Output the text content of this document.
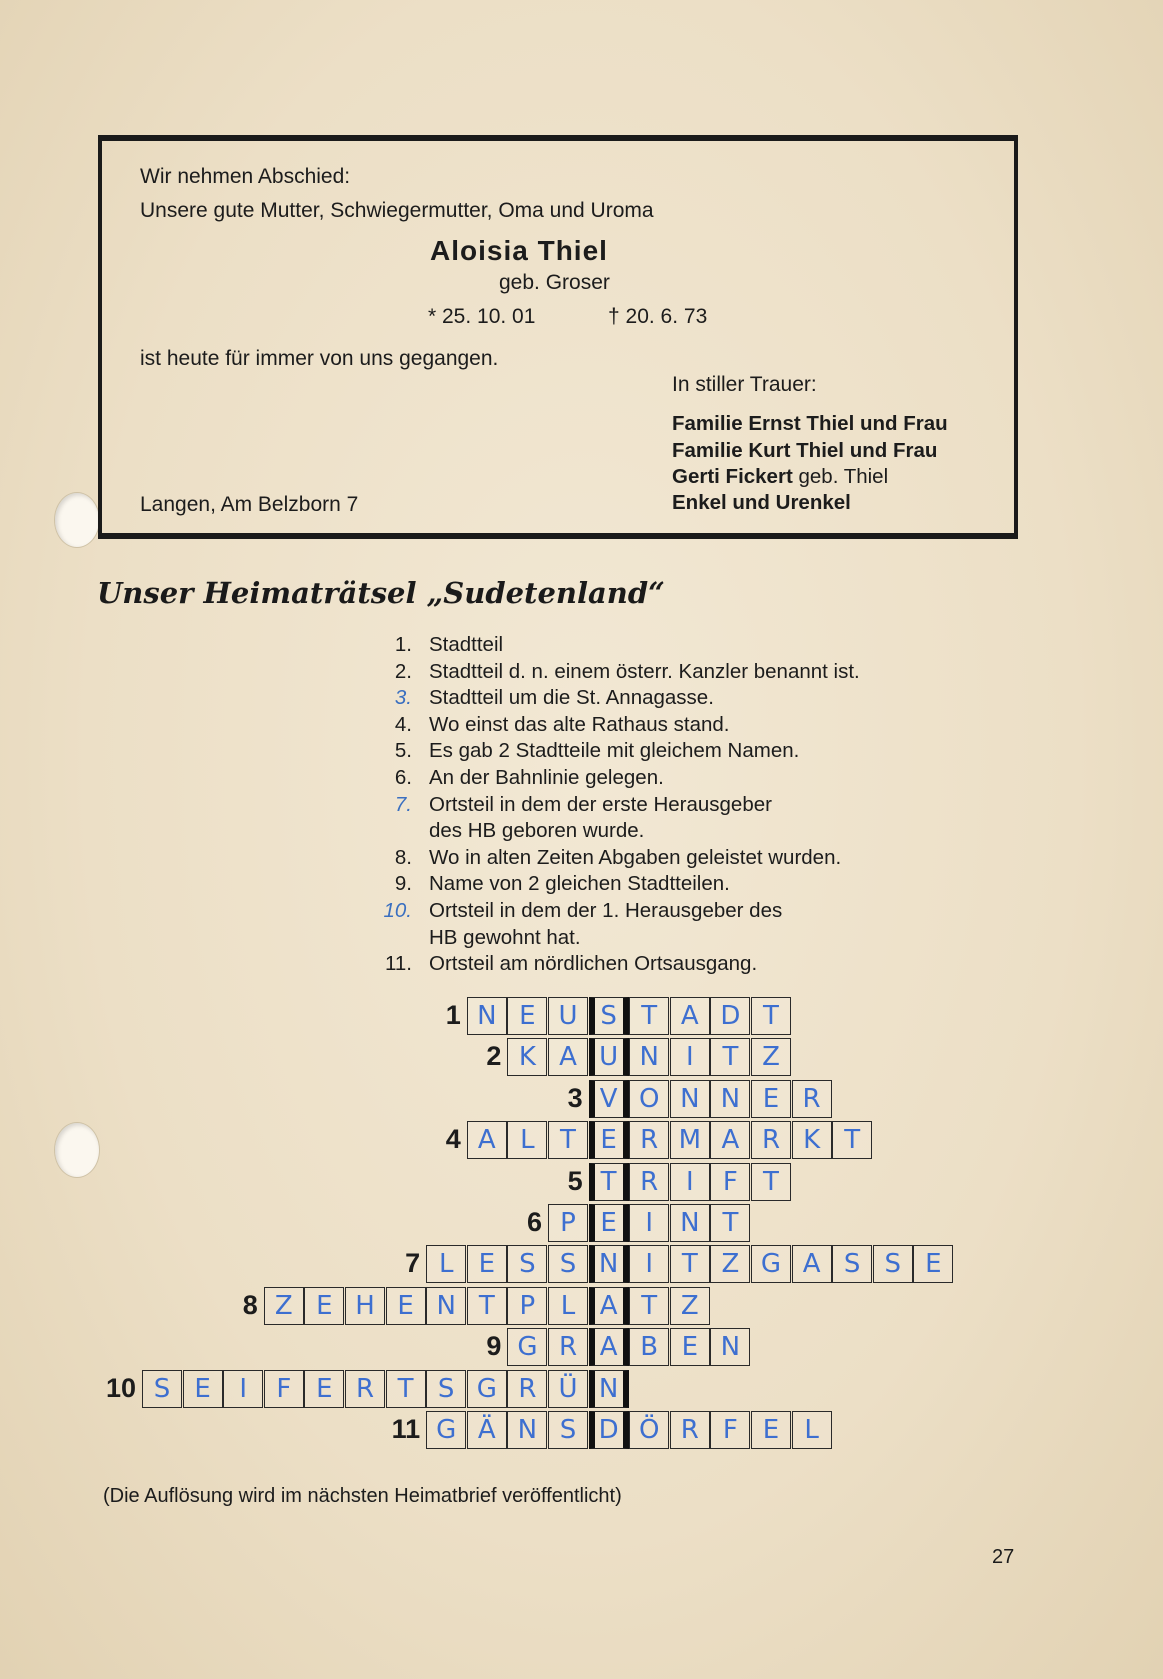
Wir nehmen Abschied:
Unsere gute Mutter, Schwiegermutter, Oma und Uroma
Aloisia Thiel
geb. Groser
* 25. 10. 01	† 20. 6. 73
ist heute für immer von uns gegangen.
In stiller Trauer:
Familie Ernst Thiel und Frau
Familie Kurt Thiel und Frau
Gerti Fickert geb. Thiel
Enkel und Urenkel
Langen, Am Belzborn 7
Unser Heimaträtsel „Sudetenland“
1. Stadtteil
2. Stadtteil d. n. einem österr. Kanzler benannt ist.
3. Stadtteil um die St. Annagasse.
4. Wo einst das alte Rathaus stand.
5. Es gab 2 Stadtteile mit gleichem Namen.
6. An der Bahnlinie gelegen.
7. Ortsteil in dem der erste Herausgeber
des HB geboren wurde.
8. Wo in alten Zeiten Abgaben geleistet wurden.
9. Name von 2 gleichen Stadtteilen.
10. Ortsteil in dem der 1. Herausgeber des
HB gewohnt hat.
11. Ortsteil am nördlichen Ortsausgang.
1 N E U S T A D T
2 K A U N	I	T Z
3 V O N N E R
4 A L T E R M A R K T
5 T R	I	F T
6 P E	I	N T
7 L E S S N	I	T Z G A S S E
8 Z E H E N T P L A T Z
9 G R A B E N
10 S E	I	F E R T S G R Ü N
11 G Ä N S D Ö R F E L
(Die Auflösung wird im nächsten Heimatbrief veröffentlicht)
27
